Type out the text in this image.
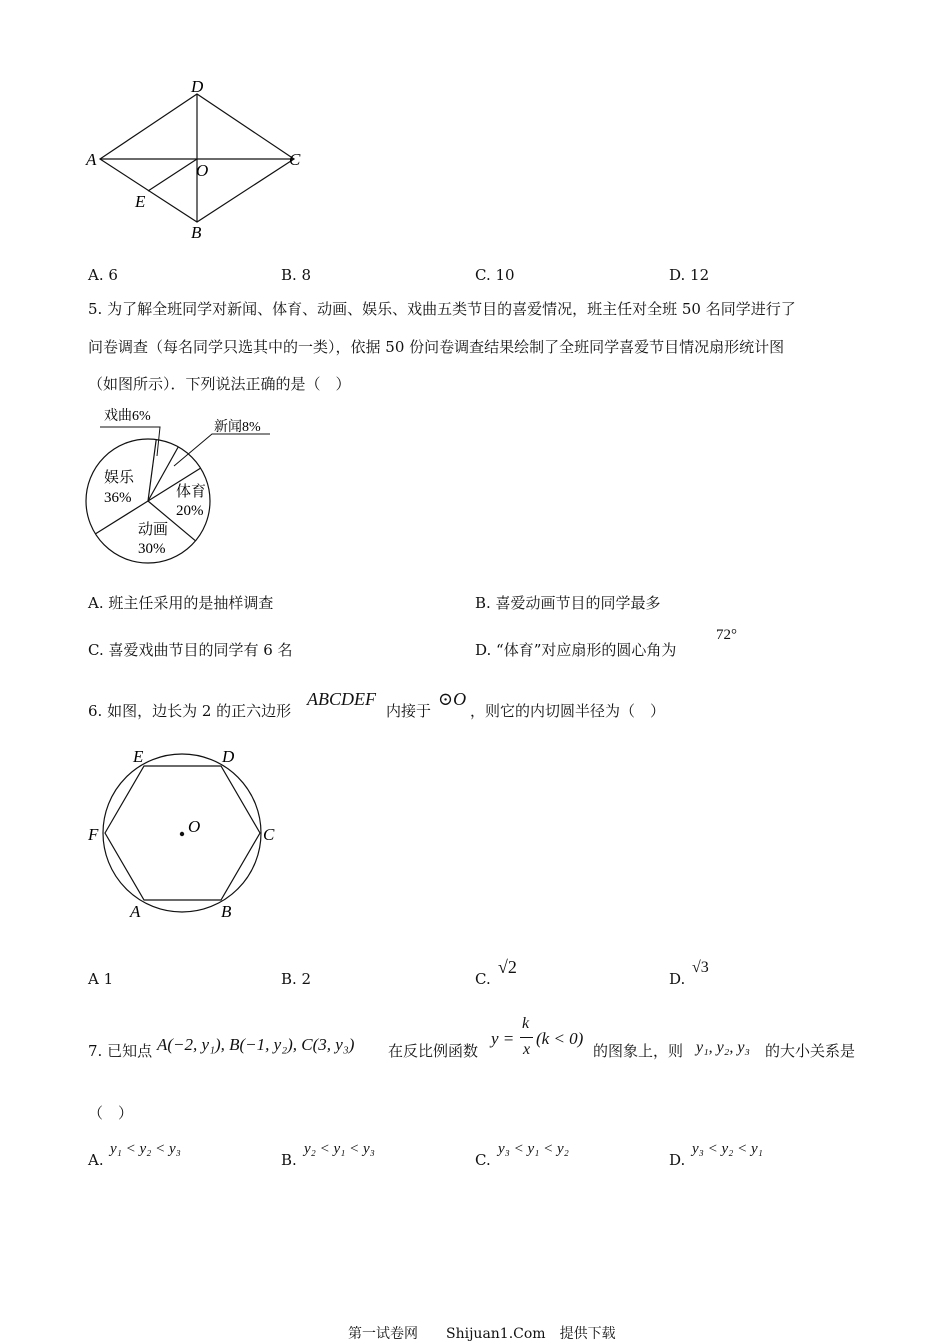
D
A	C
O
E
B
A. 6	B. 8	C. 10	D. 12
5. 为了解全班同学对新闻、体育、动画、娱乐、戏曲五类节目的喜爱情况，班主任对全班 50 名同学进行了
问卷调查（每名同学只选其中的一类），依据 50 份问卷调查结果绘制了全班同学喜爱节目情况扇形统计图
（如图所示）．下列说法正确的是（　）
戏曲6%
新闻8%
娱乐
36%	体育
20%
动画
30%
A. 班主任采用的是抽样调查	B. 喜爱动画节目的同学最多
C. 喜爱戏曲节目的同学有 6 名	D. “体育”对应扇形的圆心角为
72°
6. 如图，边长为 2 的正六边形
ABCDEF
内接于
⊙O
，则它的内切圆半径为（　）
E	D
F	O	C
A	B
A 1	B. 2	C.
√2
D.
√3
7. 已知点 A(−2, y₁), B(−1, y₂), C(3, y₃) 在反比例函数
y =
k
x
(k < 0)
的图象上，则 y₁, y₂, y₃ 的大小关系是
（　）
A.
y₁ < y₂ < y₃
B.
y₂ < y₁ < y₃
C.
y₃ < y₁ < y₂
D.
y₃ < y₂ < y₁
第一试卷网　　Shijuan1.Com　提供下载
